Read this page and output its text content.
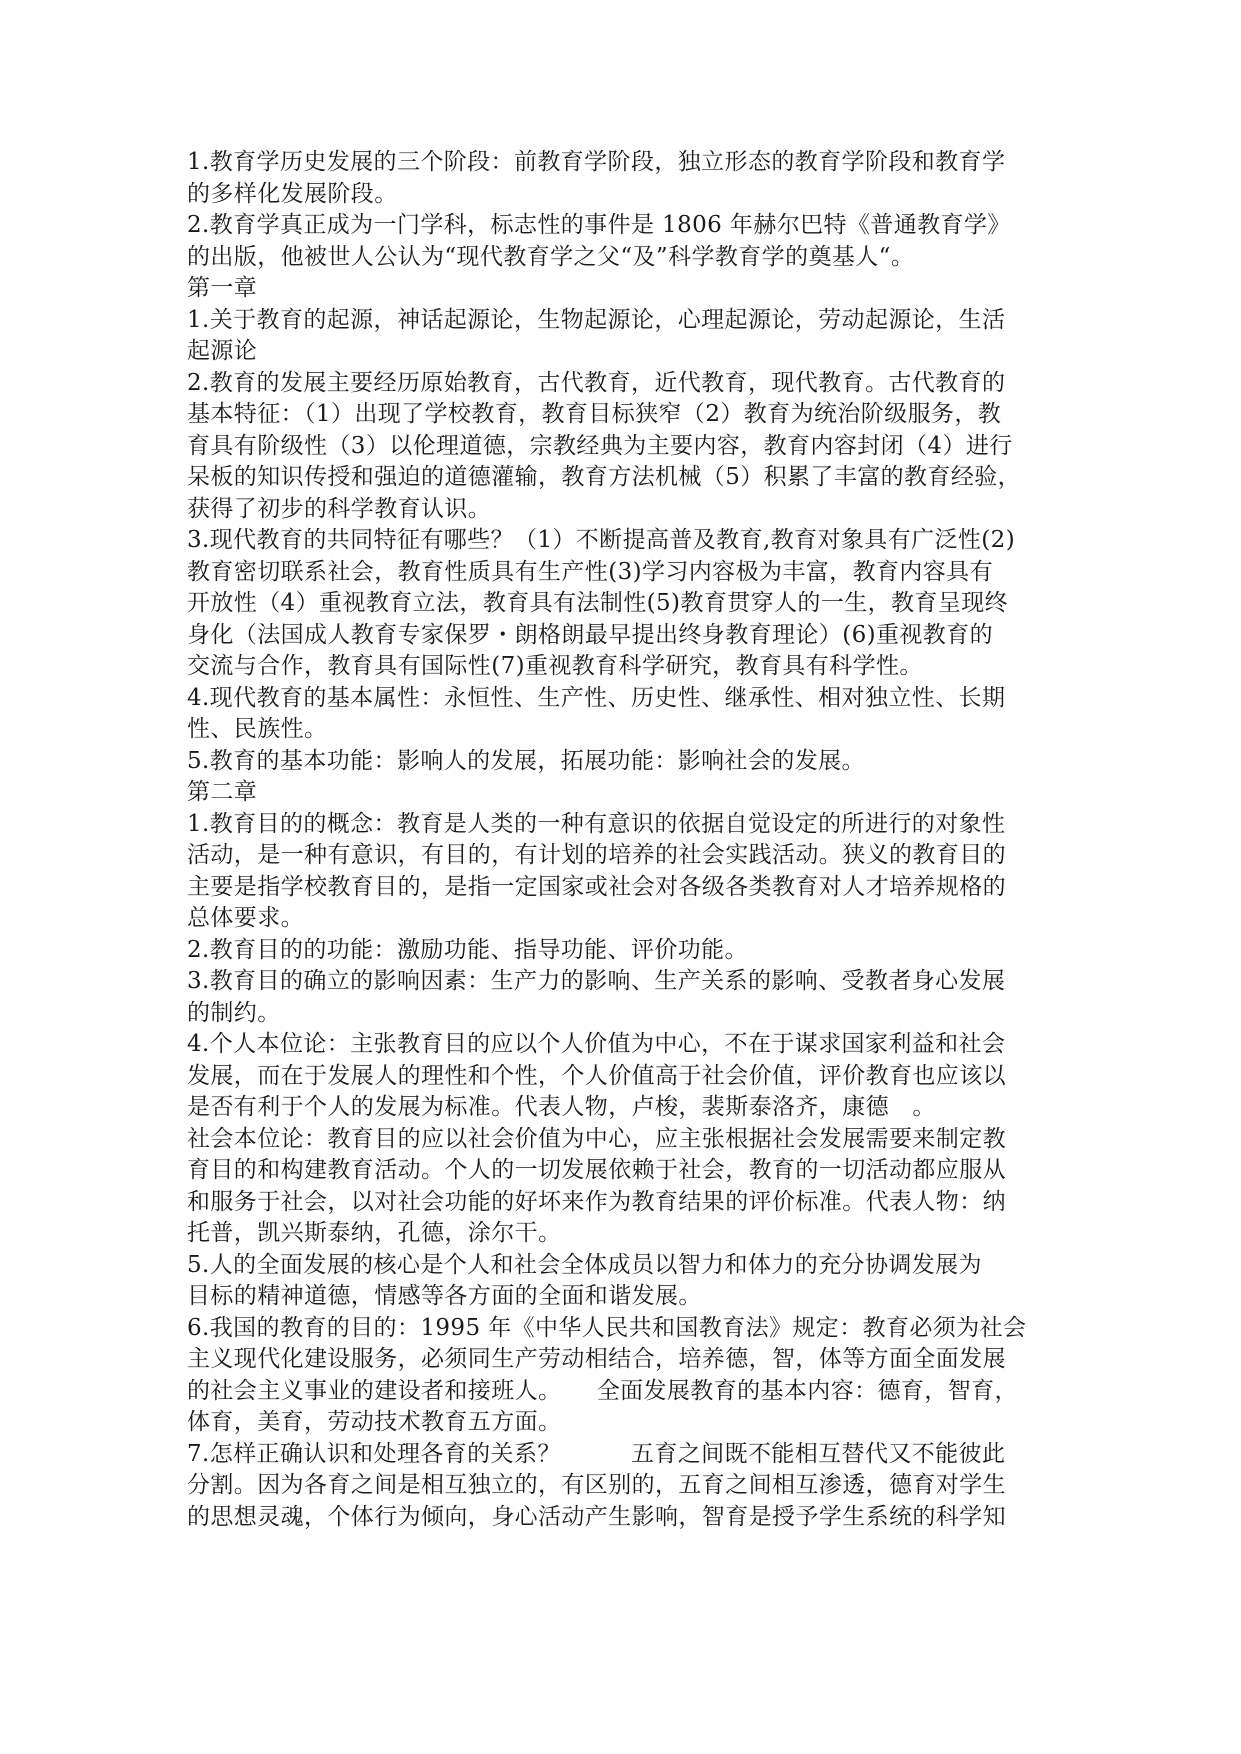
1.教育学历史发展的三个阶段：前教育学阶段，独立形态的教育学阶段和教育学
的多样化发展阶段。
2.教育学真正成为一门学科，标志性的事件是 1806 年赫尔巴特《普通教育学》
的出版，他被世人公认为“现代教育学之父“及”科学教育学的奠基人“。
第一章
1.关于教育的起源，神话起源论，生物起源论，心理起源论，劳动起源论，生活
起源论
2.教育的发展主要经历原始教育，古代教育，近代教育，现代教育。古代教育的
基本特征：（1）出现了学校教育，教育目标狭窄（2）教育为统治阶级服务，教
育具有阶级性（3）以伦理道德，宗教经典为主要内容，教育内容封闭（4）进行
呆板的知识传授和强迫的道德灌输，教育方法机械（5）积累了丰富的教育经验，
获得了初步的科学教育认识。
3.现代教育的共同特征有哪些？（1）不断提高普及教育,教育对象具有广泛性(2)
教育密切联系社会，教育性质具有生产性(3)学习内容极为丰富，教育内容具有
开放性（4）重视教育立法，教育具有法制性(5)教育贯穿人的一生，教育呈现终
身化（法国成人教育专家保罗・朗格朗最早提出终身教育理论）(6)重视教育的
交流与合作，教育具有国际性(7)重视教育科学研究，教育具有科学性。
4.现代教育的基本属性：永恒性、生产性、历史性、继承性、相对独立性、长期
性、民族性。
5.教育的基本功能：影响人的发展，拓展功能：影响社会的发展。
第二章
1.教育目的的概念：教育是人类的一种有意识的依据自觉设定的所进行的对象性
活动，是一种有意识，有目的，有计划的培养的社会实践活动。狭义的教育目的
主要是指学校教育目的，是指一定国家或社会对各级各类教育对人才培养规格的
总体要求。
2.教育目的的功能：激励功能、指导功能、评价功能。
3.教育目的确立的影响因素：生产力的影响、生产关系的影响、受教者身心发展
的制约。
4.个人本位论：主张教育目的应以个人价值为中心，不在于谋求国家利益和社会
发展，而在于发展人的理性和个性，个人价值高于社会价值，评价教育也应该以
是否有利于个人的发展为标准。代表人物，卢梭，裴斯泰洛齐，康德　。
社会本位论：教育目的应以社会价值为中心，应主张根据社会发展需要来制定教
育目的和构建教育活动。个人的一切发展依赖于社会，教育的一切活动都应服从
和服务于社会，以对社会功能的好坏来作为教育结果的评价标准。代表人物：纳
托普，凯兴斯泰纳，孔德，涂尔干。
5.人的全面发展的核心是个人和社会全体成员以智力和体力的充分协调发展为
目标的精神道德，情感等各方面的全面和谐发展。
6.我国的教育的目的：1995 年《中华人民共和国教育法》规定：教育必须为社会
主义现代化建设服务，必须同生产劳动相结合，培养德，智，体等方面全面发展
的社会主义事业的建设者和接班人。　　全面发展教育的基本内容：德育，智育，
体育，美育，劳动技术教育五方面。
7.怎样正确认识和处理各育的关系？　　　五育之间既不能相互替代又不能彼此
分割。因为各育之间是相互独立的，有区别的，五育之间相互渗透，德育对学生
的思想灵魂，个体行为倾向，身心活动产生影响，智育是授予学生系统的科学知
